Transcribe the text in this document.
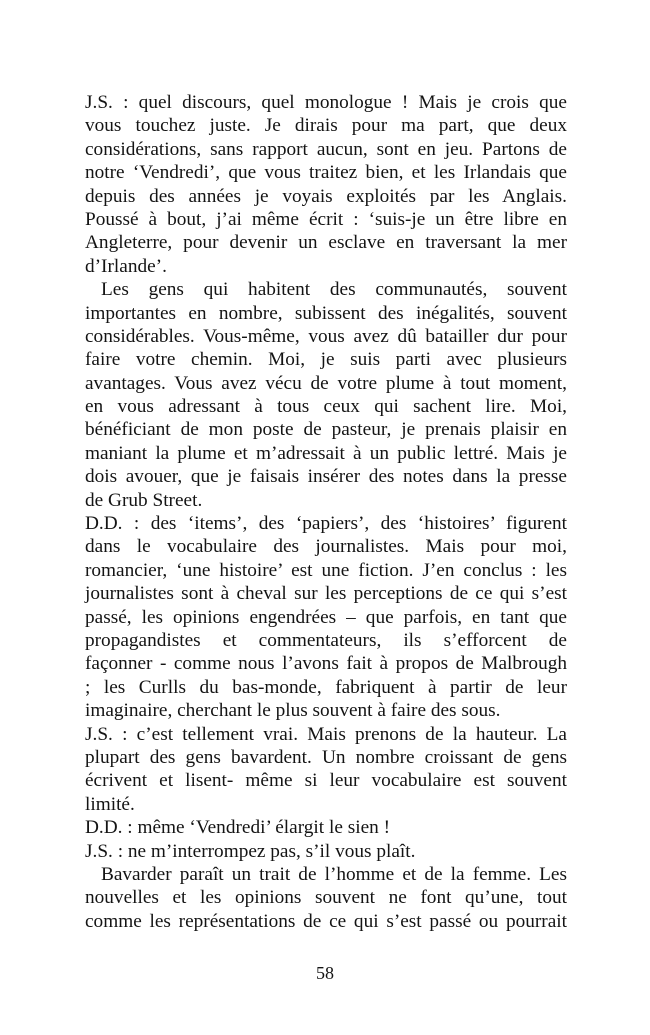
J.S. : quel discours, quel monologue ! Mais je crois que
vous touchez juste. Je dirais pour ma part, que deux
considérations, sans rapport aucun, sont en jeu. Partons de
notre ‘Vendredi’, que vous traitez bien, et les Irlandais que
depuis des années je voyais exploités par les Anglais.
Poussé à bout, j’ai même écrit : ‘suis-je un être libre en
Angleterre, pour devenir un esclave en traversant la mer
d’Irlande’.
Les gens qui habitent des communautés, souvent
importantes en nombre, subissent des inégalités, souvent
considérables. Vous-même, vous avez dû batailler dur pour
faire votre chemin. Moi, je suis parti avec plusieurs
avantages. Vous avez vécu de votre plume à tout moment,
en vous adressant à tous ceux qui sachent lire. Moi,
bénéficiant de mon poste de pasteur, je prenais plaisir en
maniant la plume et m’adressait à un public lettré. Mais je
dois avouer, que je faisais insérer des notes dans la presse
de Grub Street.
D.D. : des ‘items’, des ‘papiers’, des ‘histoires’ figurent
dans le vocabulaire des journalistes. Mais pour moi,
romancier, ‘une histoire’ est une fiction. J’en conclus : les
journalistes sont à cheval sur les perceptions de ce qui s’est
passé, les opinions engendrées – que parfois, en tant que
propagandistes et commentateurs, ils s’efforcent de
façonner - comme nous l’avons fait à propos de Malbrough
; les Curlls du bas-monde, fabriquent à partir de leur
imaginaire, cherchant le plus souvent à faire des sous.
J.S. : c’est tellement vrai. Mais prenons de la hauteur. La
plupart des gens bavardent. Un nombre croissant de gens
écrivent et lisent- même si leur vocabulaire est souvent
limité.
D.D. : même ‘Vendredi’ élargit le sien !
J.S. : ne m’interrompez pas, s’il vous plaît.
Bavarder paraît un trait de l’homme et de la femme. Les
nouvelles et les opinions souvent ne font qu’une, tout
comme les représentations de ce qui s’est passé ou pourrait
58
